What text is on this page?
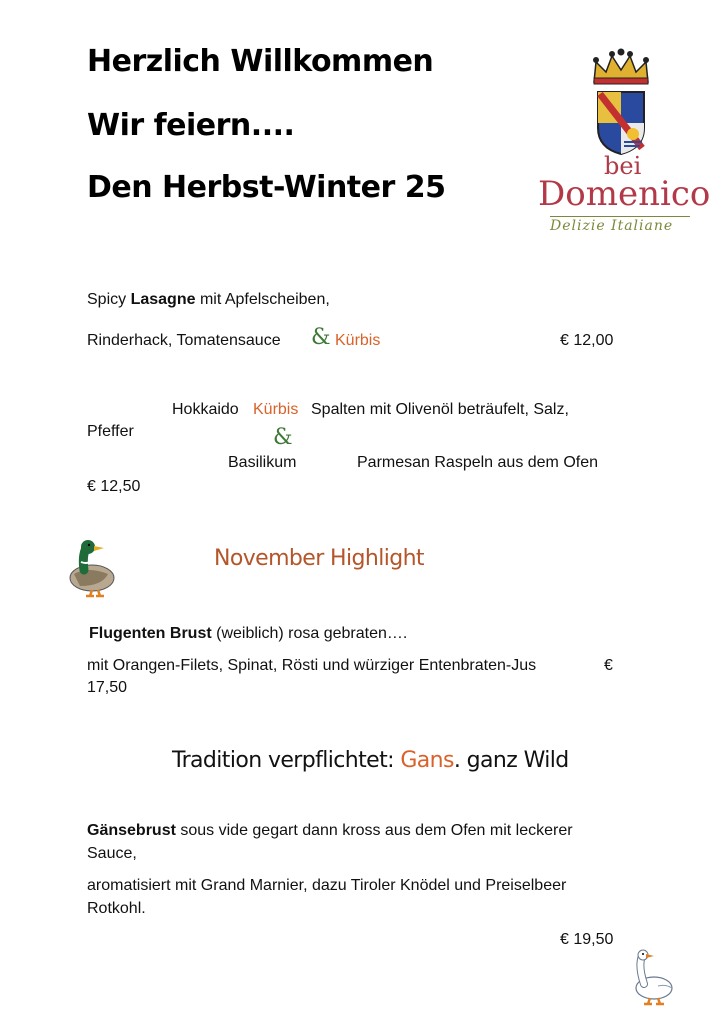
Herzlich Willkommen
Wir feiern....
Den Herbst-Winter 25
bei
Domenico
Delizie Italiane
Spicy Lasagne mit Apfelscheiben,
Rinderhack, Tomatensauce & Kürbis	€ 12,00
Hokkaido Kürbis Spalten mit Olivenöl beträufelt, Salz,
Pfeffer	&
Basilikum	Parmesan Raspeln aus dem Ofen
€ 12,50
November Highlight
Flugenten Brust (weiblich) rosa gebraten….
mit Orangen-Filets, Spinat, Rösti und würziger Entenbraten-Jus	€
17,50
Tradition verpflichtet: Gans. ganz Wild
Gänsebrust sous vide gegart dann kross aus dem Ofen mit leckerer
Sauce,
aromatisiert mit Grand Marnier, dazu Tiroler Knödel und Preiselbeer
Rotkohl.
€ 19,50
